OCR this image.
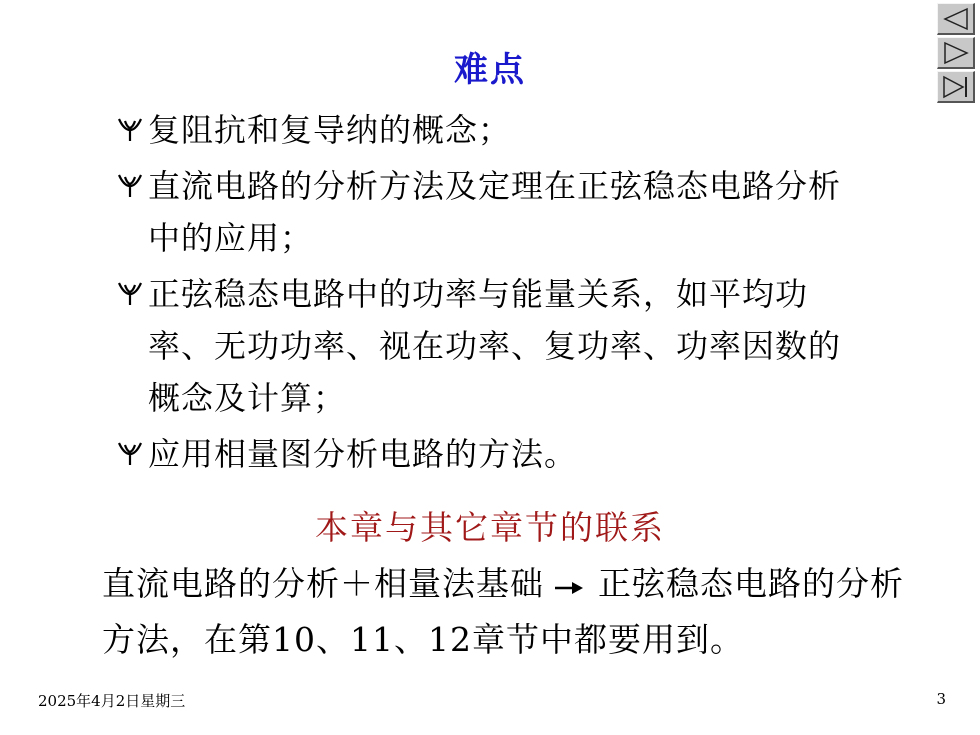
难点
复阻抗和复导纳的概念；
直流电路的分析方法及定理在正弦稳态电路分析中的应用；
正弦稳态电路中的功率与能量关系，如平均功率、无功功率、视在功率、复功率、功率因数的概念及计算；
应用相量图分析电路的方法。
本章与其它章节的联系
直流电路的分析＋相量法基础 正弦稳态电路的分析方法，在第10、11、12章节中都要用到。
2025年4月2日星期三	3
